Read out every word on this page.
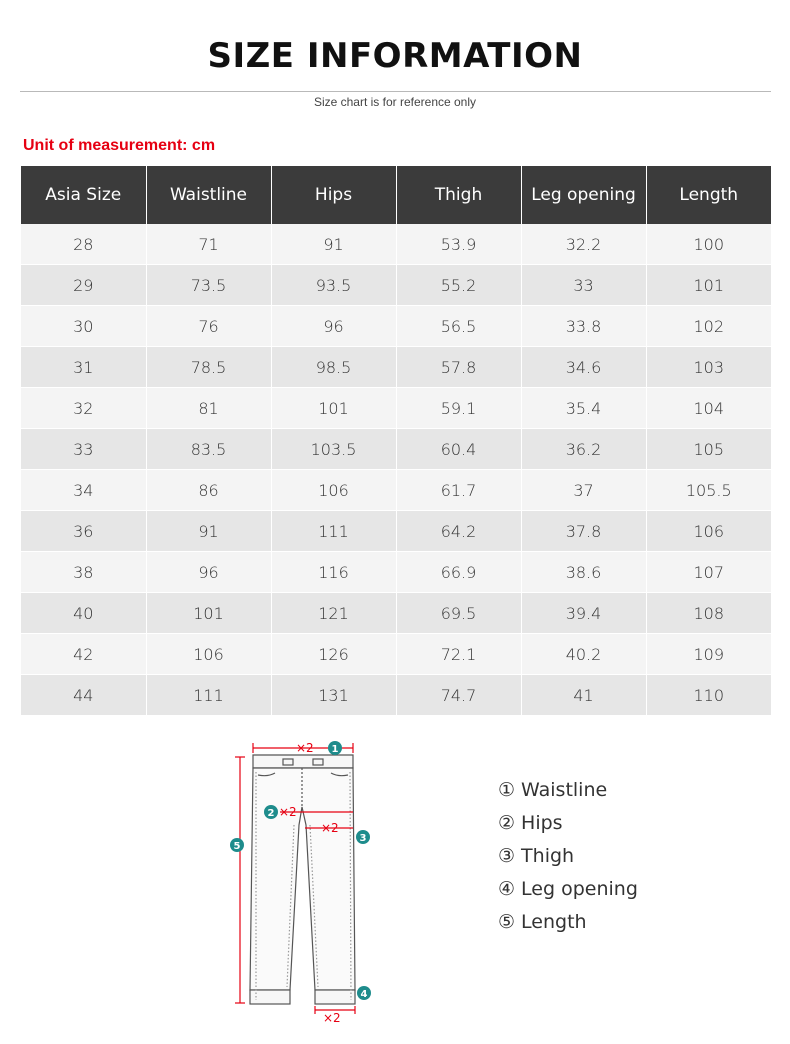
SIZE INFORMATION
Size chart is for reference only
Unit of measurement: cm
Asia Size	Waistline	Hips	Thigh	Leg opening	Length
28	71	91	53.9	32.2	100
29	73.5	93.5	55.2	33	101
30	76	96	56.5	33.8	102
31	78.5	98.5	57.8	34.6	103
32	81	101	59.1	35.4	104
33	83.5	103.5	60.4	36.2	105
34	86	106	61.7	37	105.5
36	91	111	64.2	37.8	106
38	96	116	66.9	38.6	107
40	101	121	69.5	39.4	108
42	106	126	72.1	40.2	109
44	111	131	74.7	41	110
×2
×2
×2
×2
1
2
3
4
5
① Waistline
② Hips
③ Thigh
④ Leg opening
⑤ Length
